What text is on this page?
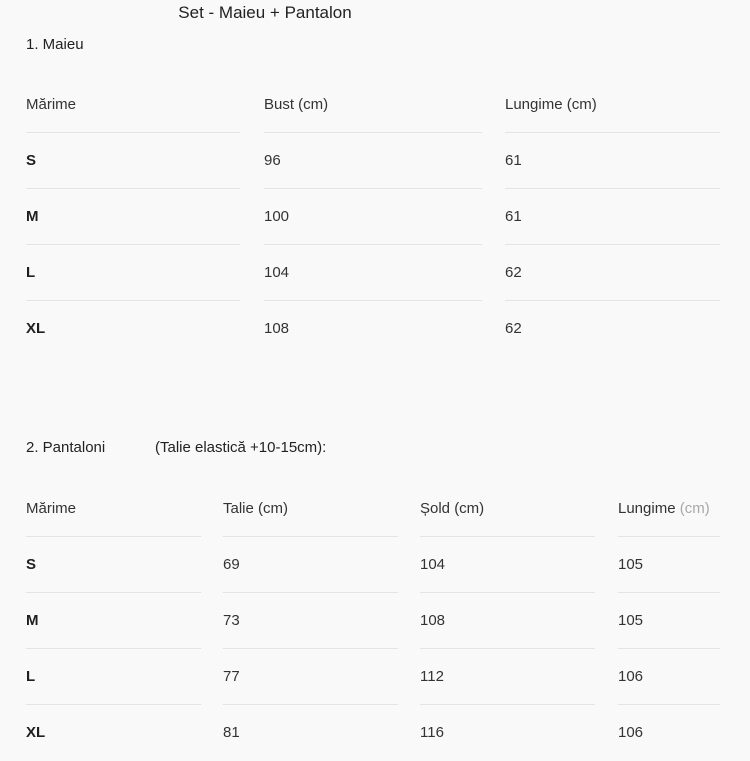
Set - Maieu + Pantalon
1. Maieu
Mărime	Bust (cm)	Lungime (cm)
S	96	61
M	100	61
L	104	62
XL	108	62
2. Pantaloni	(Talie elastică +10-15cm):
Mărime	Talie (cm)	Șold (cm)	Lungime (cm)
S	69	104	105
M	73	108	105
L	77	112	106
XL	81	116	106
